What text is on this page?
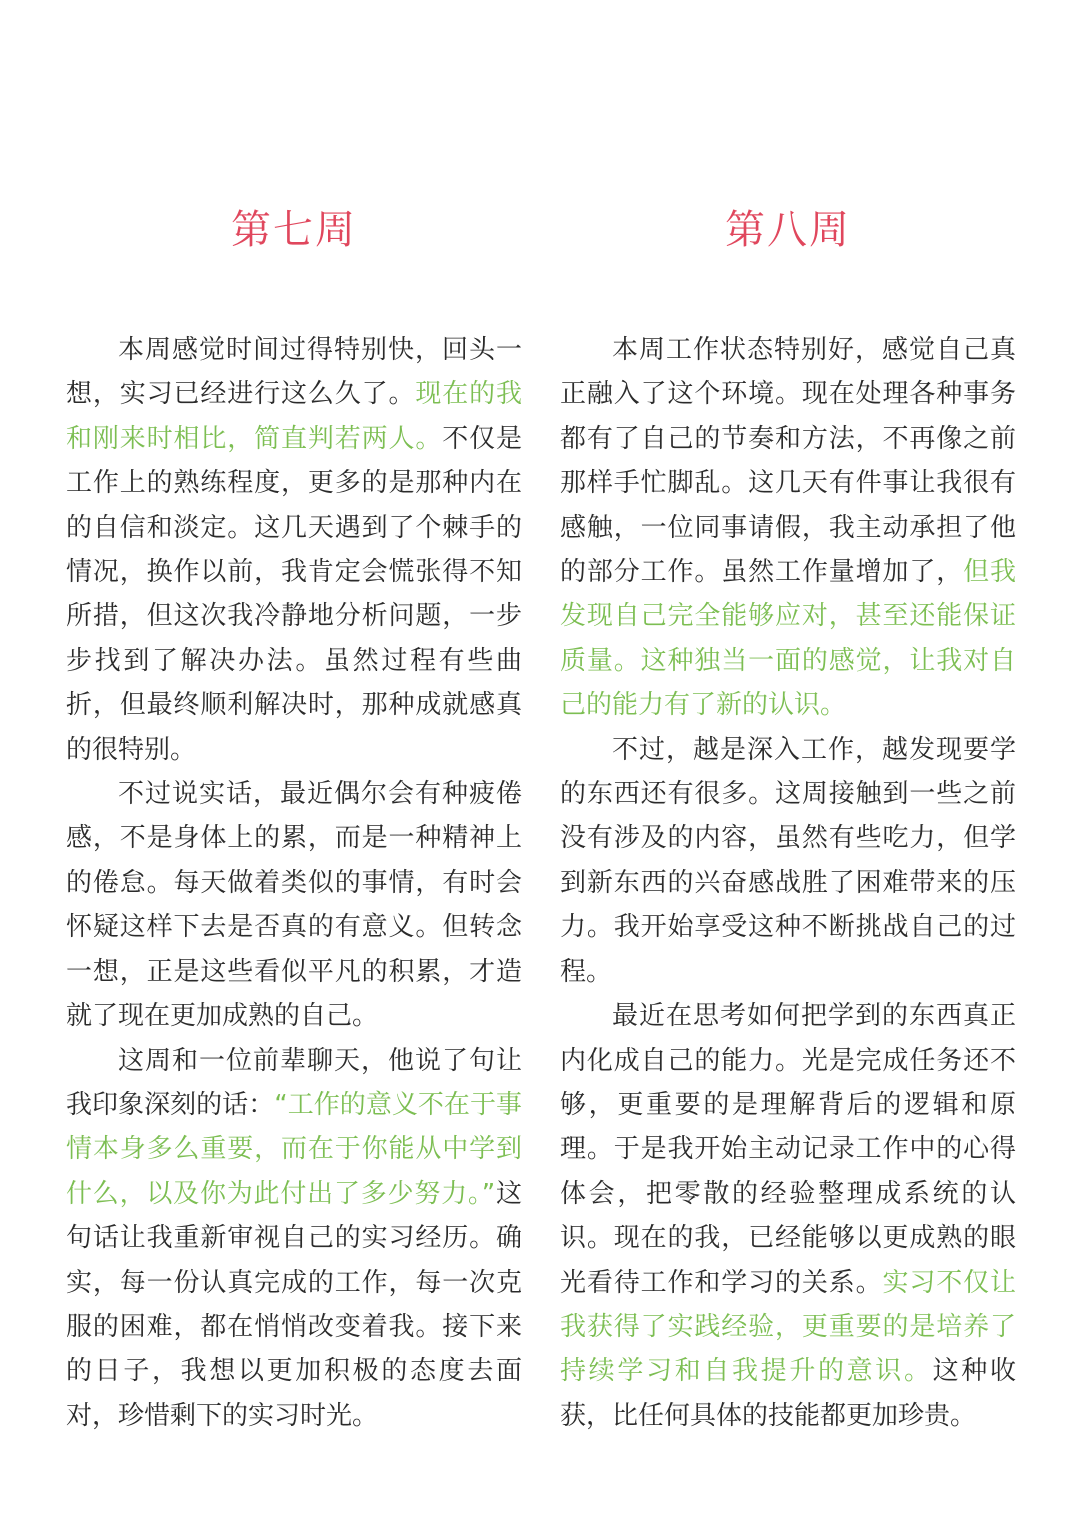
第七周

本周感觉时间过得特别快，回头一想，实习已经进行这么久了。现在的我和刚来时相比，简直判若两人。不仅是工作上的熟练程度，更多的是那种内在的自信和淡定。这几天遇到了个棘手的情况，换作以前，我肯定会慌张得不知所措，但这次我冷静地分析问题，一步步找到了解决办法。虽然过程有些曲折，但最终顺利解决时，那种成就感真的很特别。

不过说实话，最近偶尔会有种疲倦感，不是身体上的累，而是一种精神上的倦怠。每天做着类似的事情，有时会怀疑这样下去是否真的有意义。但转念一想，正是这些看似平凡的积累，才造就了现在更加成熟的自己。

这周和一位前辈聊天，他说了句让我印象深刻的话：“工作的意义不在于事情本身多么重要，而在于你能从中学到什么，以及你为此付出了多少努力。”这句话让我重新审视自己的实习经历。确实，每一份认真完成的工作，每一次克服的困难，都在悄悄改变着我。接下来的日子，我想以更加积极的态度去面对，珍惜剩下的实习时光。

第八周

本周工作状态特别好，感觉自己真正融入了这个环境。现在处理各种事务都有了自己的节奏和方法，不再像之前那样手忙脚乱。这几天有件事让我很有感触，一位同事请假，我主动承担了他的部分工作。虽然工作量增加了，但我发现自己完全能够应对，甚至还能保证质量。这种独当一面的感觉，让我对自己的能力有了新的认识。

不过，越是深入工作，越发现要学的东西还有很多。这周接触到一些之前没有涉及的内容，虽然有些吃力，但学到新东西的兴奋感战胜了困难带来的压力。我开始享受这种不断挑战自己的过程。

最近在思考如何把学到的东西真正内化成自己的能力。光是完成任务还不够，更重要的是理解背后的逻辑和原理。于是我开始主动记录工作中的心得体会，把零散的经验整理成系统的认识。现在的我，已经能够以更成熟的眼光看待工作和学习的关系。实习不仅让我获得了实践经验，更重要的是培养了持续学习和自我提升的意识。这种收获，比任何具体的技能都更加珍贵。
